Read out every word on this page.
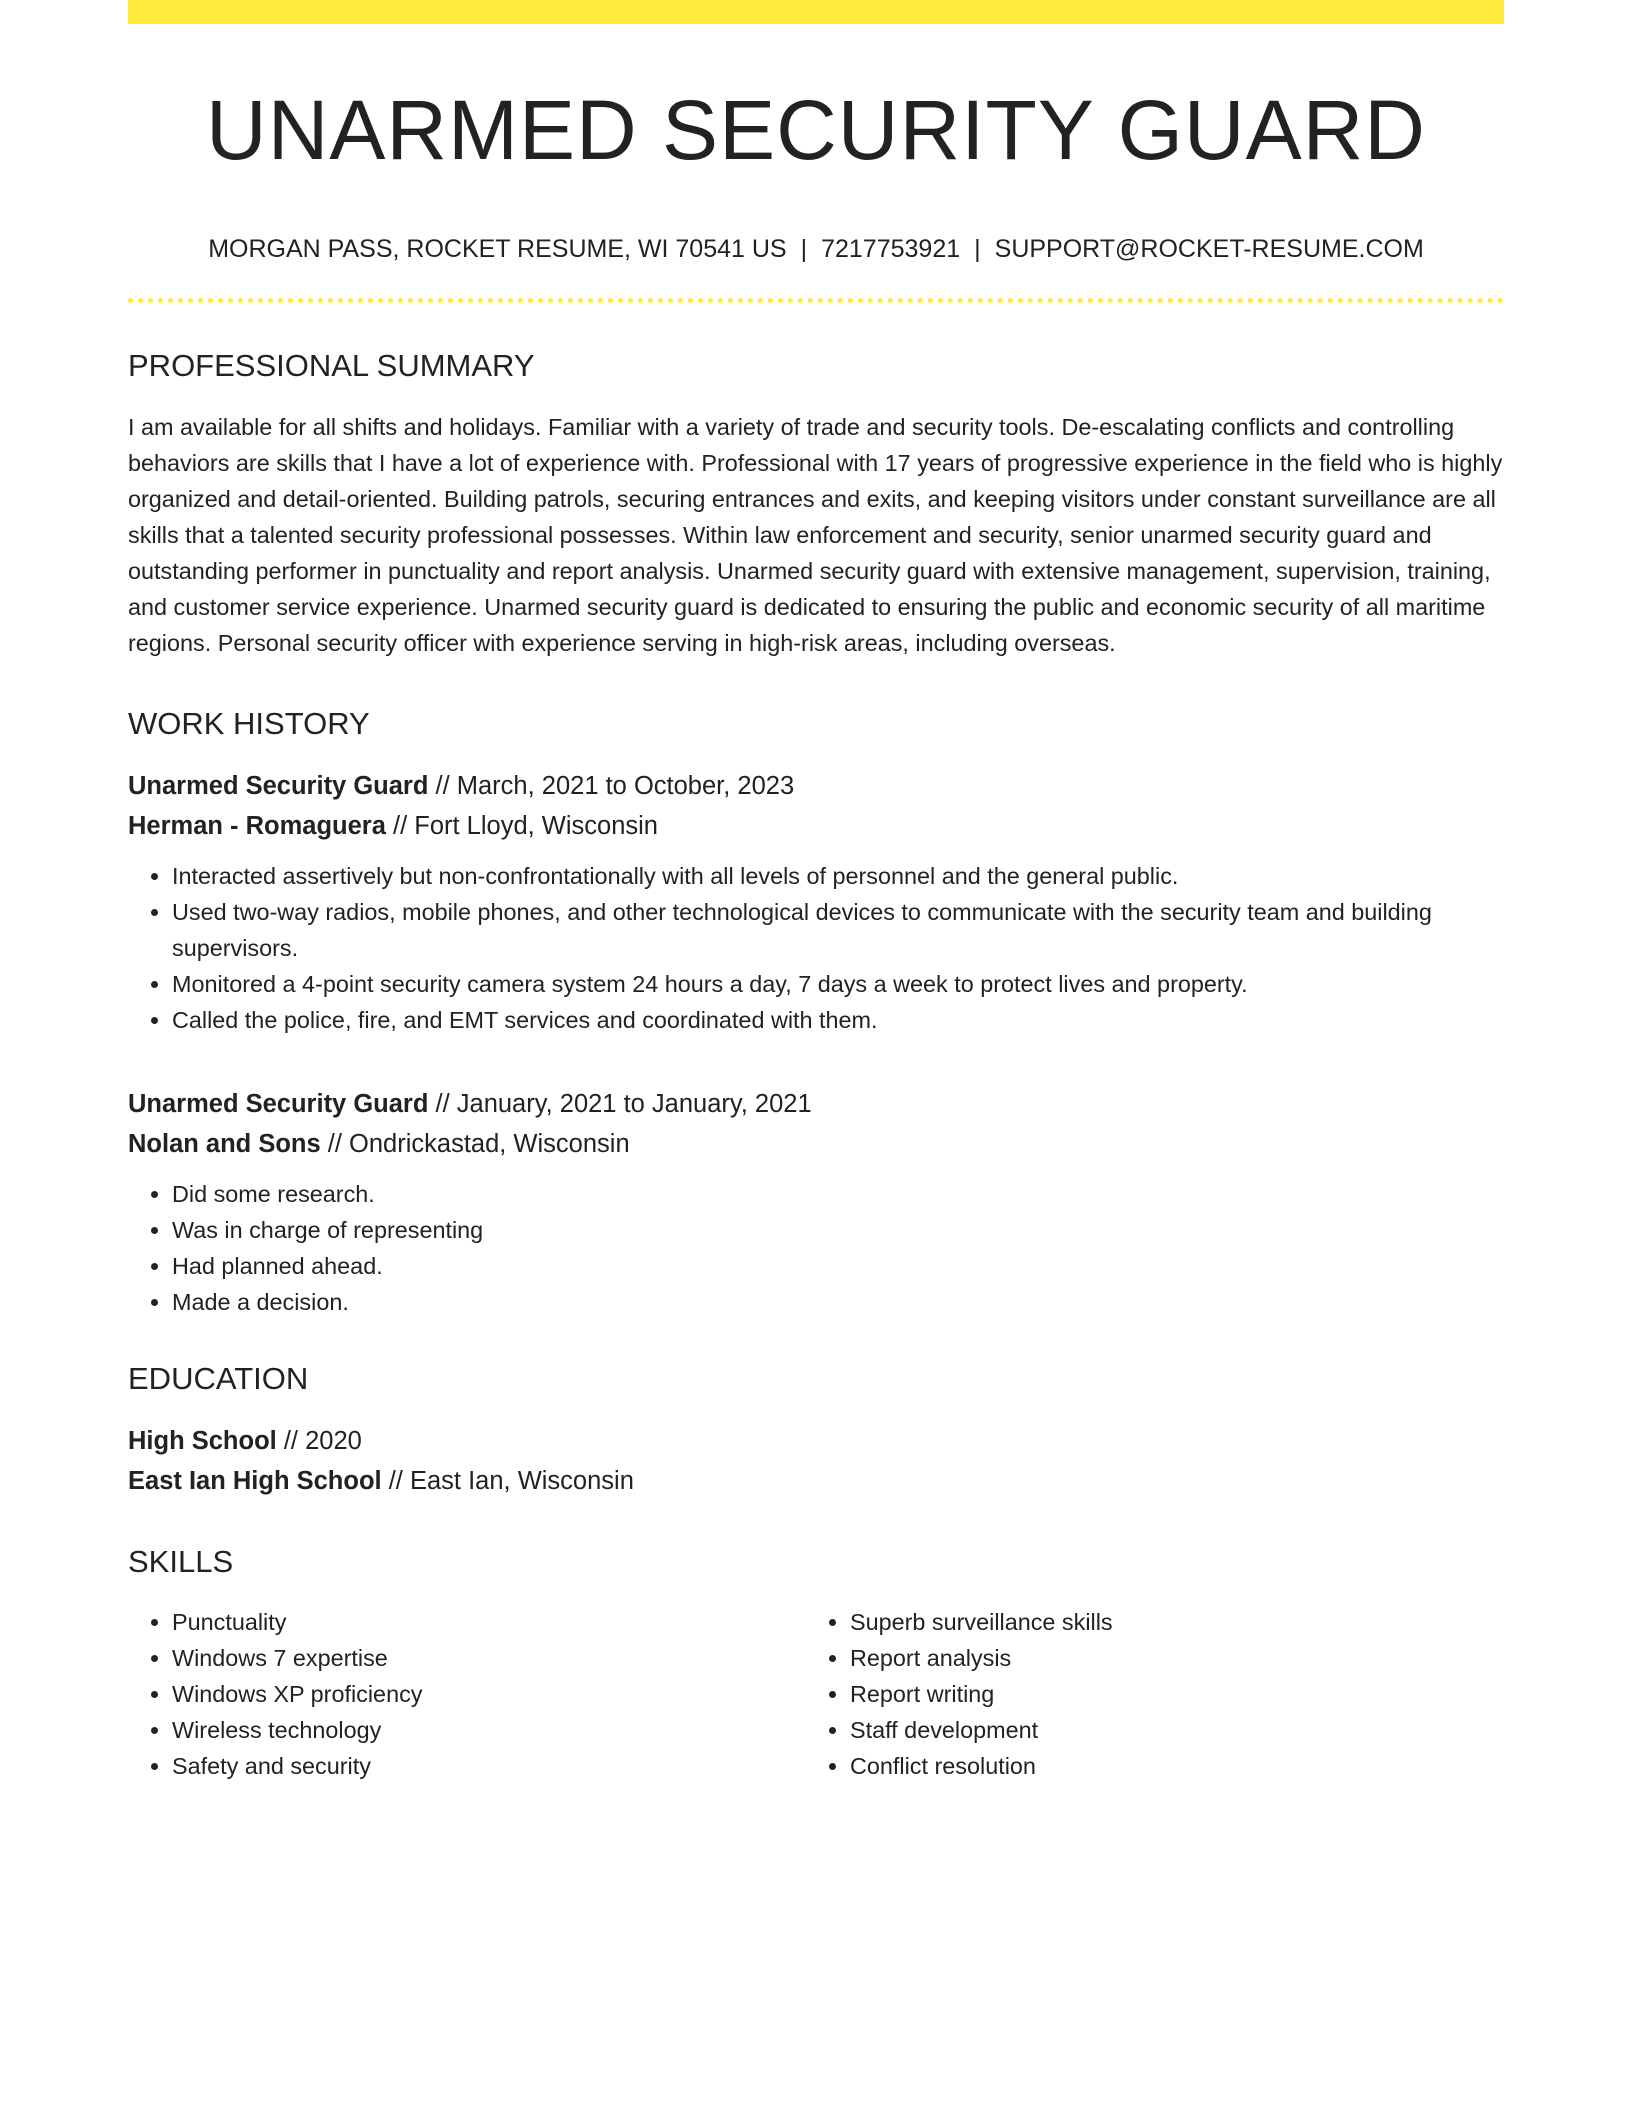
UNARMED SECURITY GUARD
MORGAN PASS, ROCKET RESUME, WI 70541 US | 7217753921 | SUPPORT@ROCKET-RESUME.COM
PROFESSIONAL SUMMARY
I am available for all shifts and holidays. Familiar with a variety of trade and security tools. De-escalating conflicts and controlling behaviors are skills that I have a lot of experience with. Professional with 17 years of progressive experience in the field who is highly organized and detail-oriented. Building patrols, securing entrances and exits, and keeping visitors under constant surveillance are all skills that a talented security professional possesses. Within law enforcement and security, senior unarmed security guard and outstanding performer in punctuality and report analysis. Unarmed security guard with extensive management, supervision, training, and customer service experience. Unarmed security guard is dedicated to ensuring the public and economic security of all maritime regions. Personal security officer with experience serving in high-risk areas, including overseas.
WORK HISTORY
Unarmed Security Guard // March, 2021 to October, 2023
Herman - Romaguera // Fort Lloyd, Wisconsin
• Interacted assertively but non-confrontationally with all levels of personnel and the general public.
• Used two-way radios, mobile phones, and other technological devices to communicate with the security team and building supervisors.
• Monitored a 4-point security camera system 24 hours a day, 7 days a week to protect lives and property.
• Called the police, fire, and EMT services and coordinated with them.
Unarmed Security Guard // January, 2021 to January, 2021
Nolan and Sons // Ondrickastad, Wisconsin
• Did some research.
• Was in charge of representing
• Had planned ahead.
• Made a decision.
EDUCATION
High School // 2020
East Ian High School // East Ian, Wisconsin
SKILLS
• Punctuality
• Windows 7 expertise
• Windows XP proficiency
• Wireless technology
• Safety and security
• Superb surveillance skills
• Report analysis
• Report writing
• Staff development
• Conflict resolution
